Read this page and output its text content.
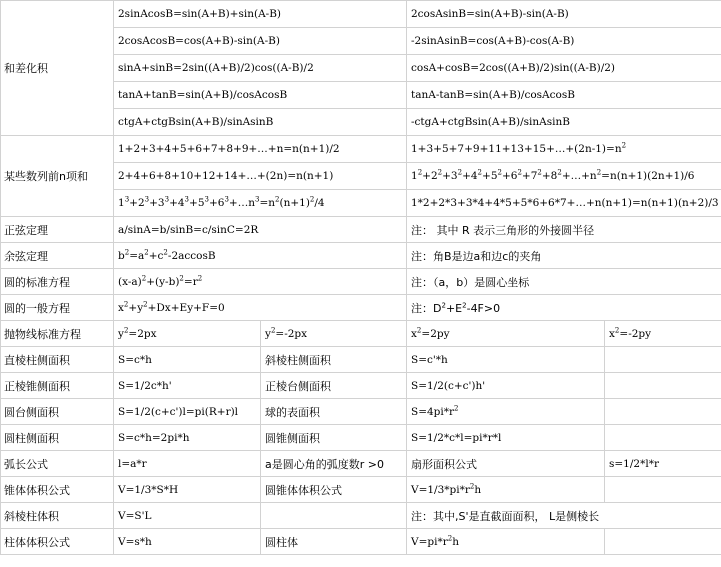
和差化积	2sinAcosB=sin(A+B)+sin(A-B)		2cosAsinB=sin(A+B)-sin(A-B)	
	2cosAcosB=cos(A+B)-sin(A-B)		-2sinAsinB=cos(A+B)-cos(A-B)	
	sinA+sinB=2sin((A+B)/2)cos((A-B)/2		cosA+cosB=2cos((A+B)/2)sin((A-B)/2)	
	tanA+tanB=sin(A+B)/cosAcosB		tanA-tanB=sin(A+B)/cosAcosB	
	ctgA+ctgBsin(A+B)/sinAsinB		-ctgA+ctgBsin(A+B)/sinAsinB	
某些数列前n项和	1+2+3+4+5+6+7+8+9+…+n=n(n+1)/2		$1+3+5+7+9+11+13+15+\dots+(2n-1)=n^2$
	2+4+6+8+10+12+14+…+(2n)=n(n+1)		$1^2+2^2+3^2+4^2+5^2+6^2+7^2+8^2+\dots+n^2=n(n+1)(2n+1)/6$	
	$1^3+2^3+3^3+4^3+5^3+6^3+\dots n^3=n^2(n+1)^2/4$		1*2+2*3+3*4+4*5+5*6+6*7+…+n(n+1)=n(n+1)(n+2)/3	
正弦定理	a/sinA=b/sinB=c/sinC=2R		注： 其中 R 表示三角形的外接圆半径	
余弦定理	$b^2=a^2+c^2-2accosB$		注：角B是边a和边c的夹角	
圆的标准方程	$(x-a)^2+(y-b)^2=r^2$		注：（a，b）是圆心坐标	
圆的一般方程	$x^2+y^2+Dx+Ey+F=0$		注：$D^2+E^2-4F>0$	
抛物线标准方程	$y^2=2px$	$y^2=-2px$	$x^2=2py$	$x^2=-2py$
直棱柱侧面积	S=c*h	斜棱柱侧面积	S=c'*h	
正棱锥侧面积	S=1/2c*h'	正棱台侧面积	S=1/2(c+c')h'	
圆台侧面积	S=1/2(c+c')l=pi(R+r)l	球的表面积	$S=4pi*r^2$	
圆柱侧面积	S=c*h=2pi*h	圆锥侧面积	S=1/2*c*l=pi*r*l	
弧长公式	l=a*r	a是圆心角的弧度数r >0	扇形面积公式	s=1/2*l*r
锥体体积公式	V=1/3*S*H	圆锥体体积公式	$V=1/3*pi*r^2h$	
斜棱柱体积	V=S'L		注：其中,S'是直截面面积， L是侧棱长	
柱体体积公式	V=s*h	圆柱体	$V=pi*r^2h$	
